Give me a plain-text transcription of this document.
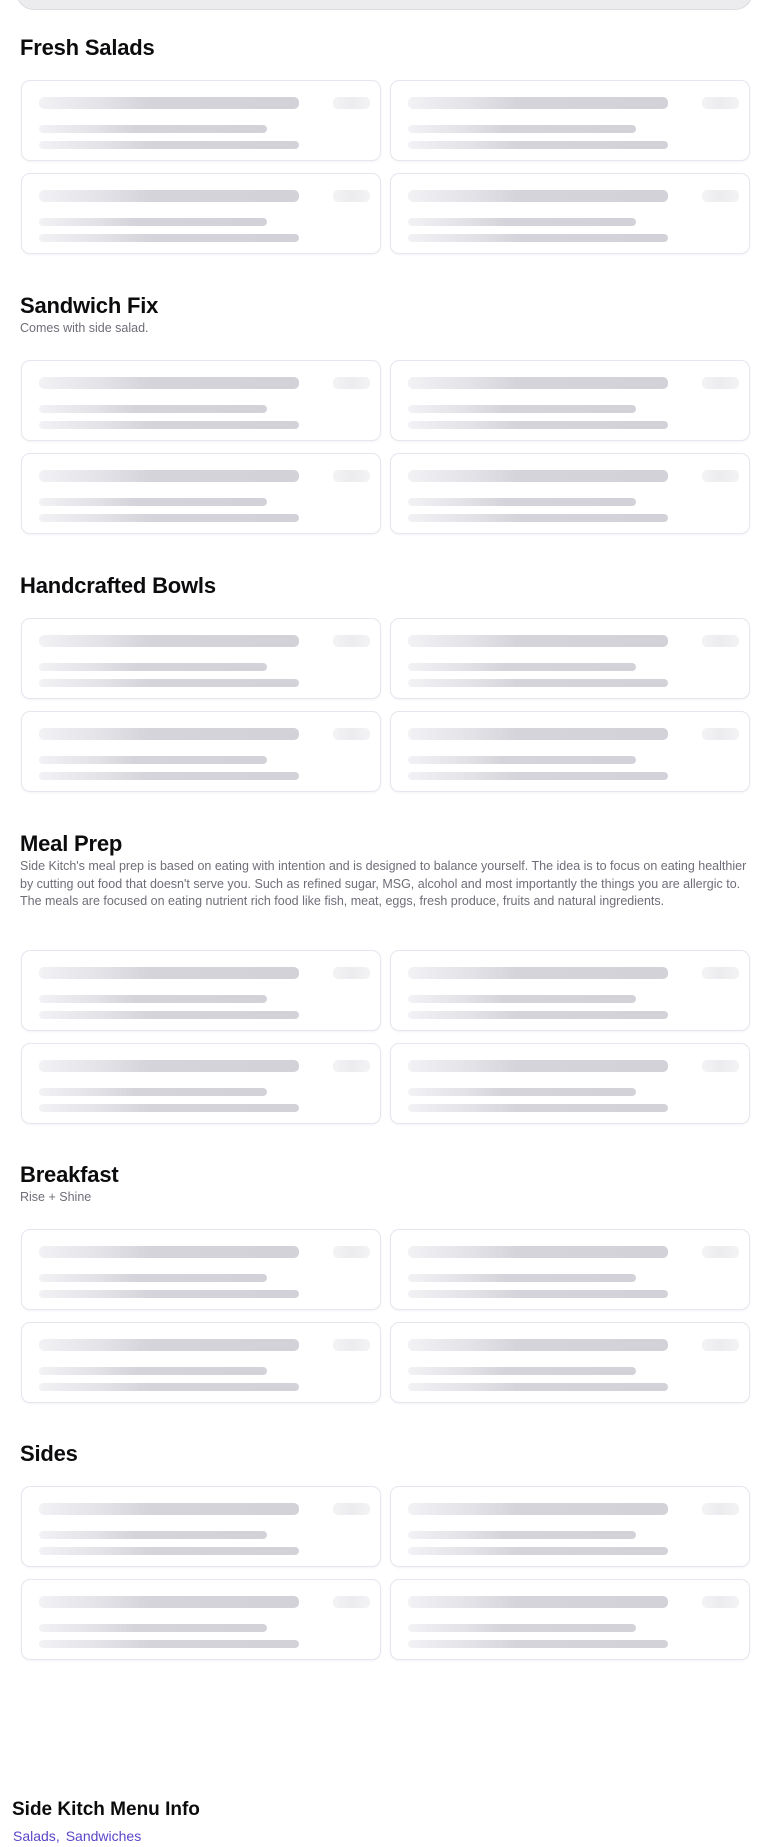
Fresh Salads
Sandwich Fix
Comes with side salad.
Handcrafted Bowls
Meal Prep
Side Kitch's meal prep is based on eating with intention and is designed to balance yourself. The idea is to focus on eating healthier by cutting out food that doesn't serve you. Such as refined sugar, MSG, alcohol and most importantly the things you are allergic to. The meals are focused on eating nutrient rich food like fish, meat, eggs, fresh produce, fruits and natural ingredients.
Breakfast
Rise + Shine
Sides
Side Kitch Menu Info
Salads, Sandwiches
